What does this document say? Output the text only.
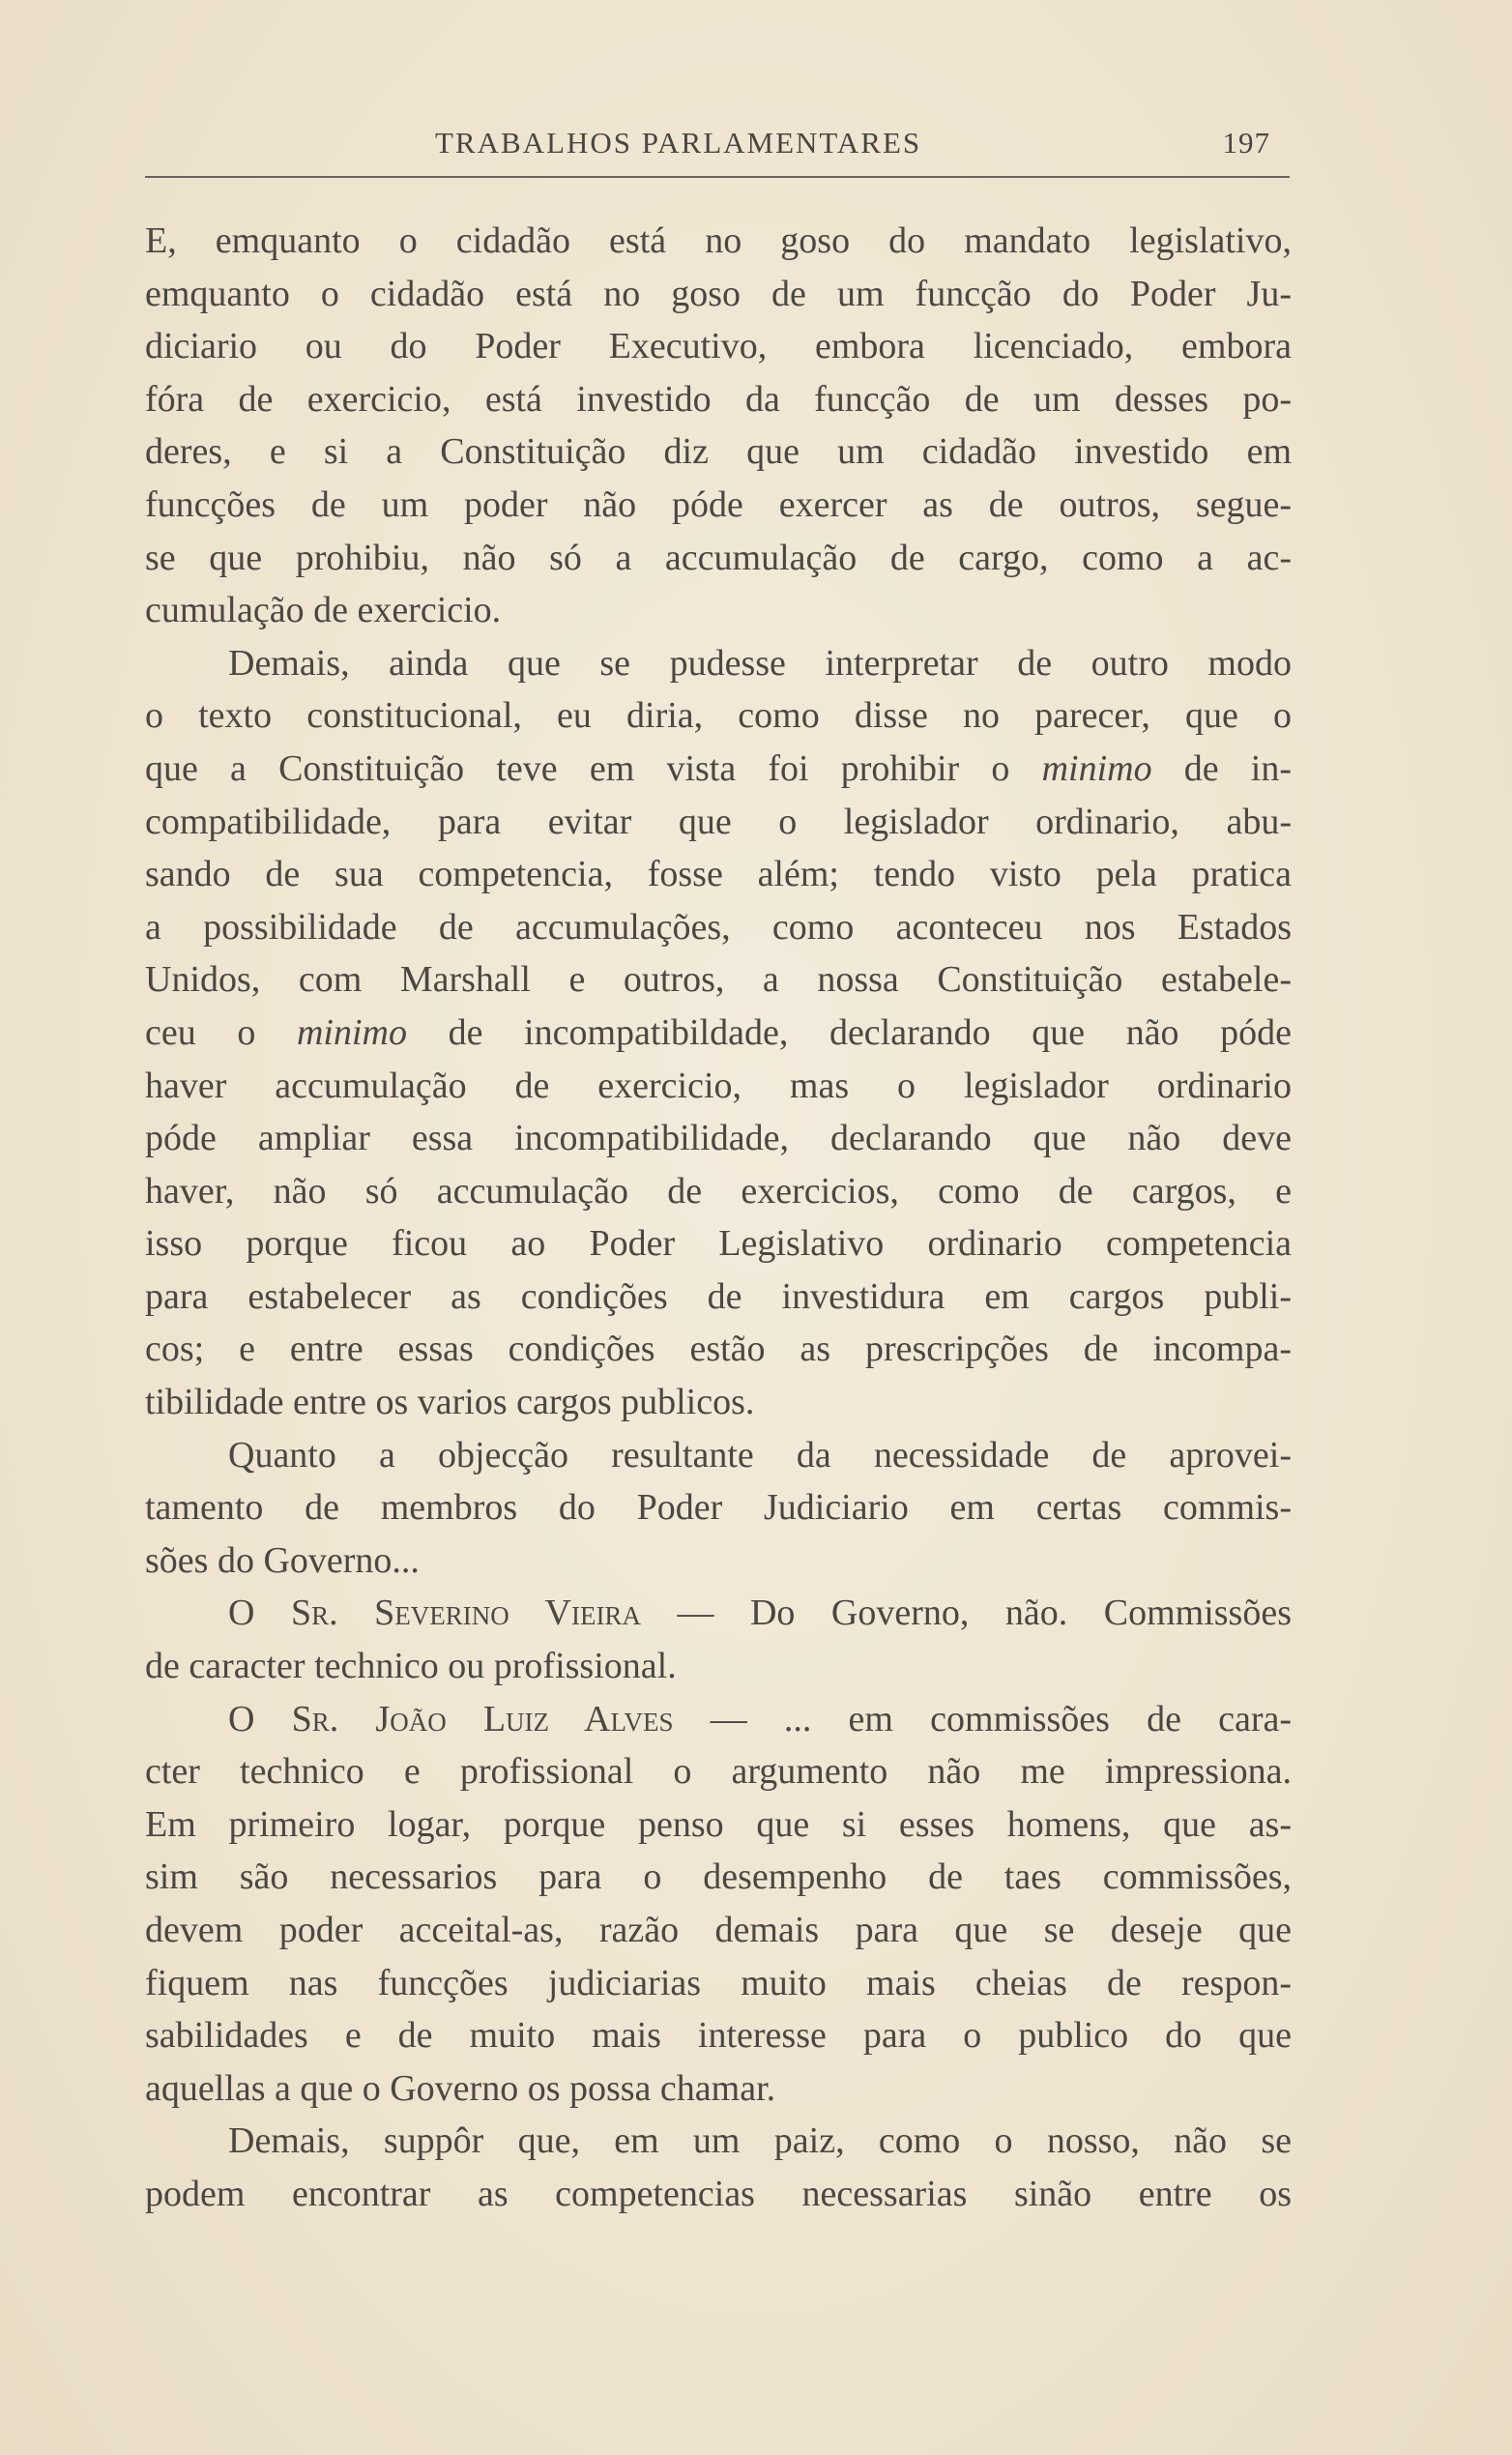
TRABALHOS PARLAMENTARES	197
E, emquanto o cidadão está no goso do mandato legislativo,
emquanto o cidadão está no goso de um funcção do Poder Ju-
diciario ou do Poder Executivo, embora licenciado, embora
fóra de exercicio, está investido da funcção de um desses po-
deres, e si a Constituição diz que um cidadão investido em
funcções de um poder não póde exercer as de outros, segue-
se que prohibiu, não só a accumulação de cargo, como a ac-
cumulação de exercicio.
Demais, ainda que se pudesse interpretar de outro modo
o texto constitucional, eu diria, como disse no parecer, que o
que a Constituição teve em vista foi prohibir o minimo de in-
compatibilidade, para evitar que o legislador ordinario, abu-
sando de sua competencia, fosse além; tendo visto pela pratica
a possibilidade de accumulações, como aconteceu nos Estados
Unidos, com Marshall e outros, a nossa Constituição estabele-
ceu o minimo de incompatibildade, declarando que não póde
haver accumulação de exercicio, mas o legislador ordinario
póde ampliar essa incompatibilidade, declarando que não deve
haver, não só accumulação de exercicios, como de cargos, e
isso porque ficou ao Poder Legislativo ordinario competencia
para estabelecer as condições de investidura em cargos publi-
cos; e entre essas condições estão as prescripções de incompa-
tibilidade entre os varios cargos publicos.
Quanto a objecção resultante da necessidade de aprovei-
tamento de membros do Poder Judiciario em certas commis-
sões do Governo...
O Sr. Severino Vieira — Do Governo, não. Commissões
de caracter technico ou profissional.
O Sr. João Luiz Alves — ... em commissões de cara-
cter technico e profissional o argumento não me impressiona.
Em primeiro logar, porque penso que si esses homens, que as-
sim são necessarios para o desempenho de taes commissões,
devem poder acceital-as, razão demais para que se deseje que
fiquem nas funcções judiciarias muito mais cheias de respon-
sabilidades e de muito mais interesse para o publico do que
aquellas a que o Governo os possa chamar.
Demais, suppôr que, em um paiz, como o nosso, não se
podem encontrar as competencias necessarias sinão entre os
